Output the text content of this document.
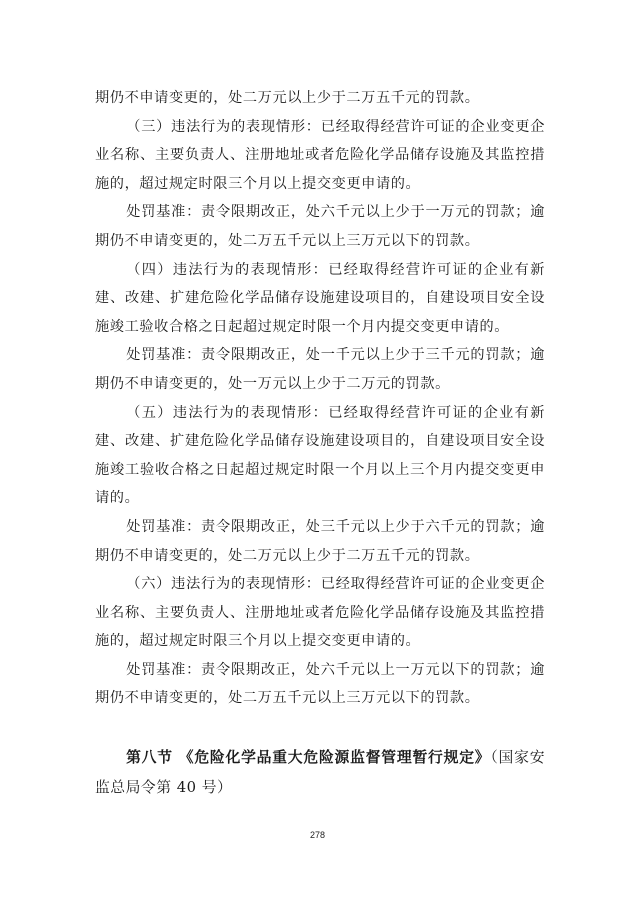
期仍不申请变更的，处二万元以上少于二万五千元的罚款。

（三）违法行为的表现情形：已经取得经营许可证的企业变更企业名称、主要负责人、注册地址或者危险化学品储存设施及其监控措施的，超过规定时限三个月以上提交变更申请的。

处罚基准：责令限期改正，处六千元以上少于一万元的罚款；逾期仍不申请变更的，处二万五千元以上三万元以下的罚款。

（四）违法行为的表现情形：已经取得经营许可证的企业有新建、改建、扩建危险化学品储存设施建设项目的，自建设项目安全设施竣工验收合格之日起超过规定时限一个月内提交变更申请的。

处罚基准：责令限期改正，处一千元以上少于三千元的罚款；逾期仍不申请变更的，处一万元以上少于二万元的罚款。

（五）违法行为的表现情形：已经取得经营许可证的企业有新建、改建、扩建危险化学品储存设施建设项目的，自建设项目安全设施竣工验收合格之日起超过规定时限一个月以上三个月内提交变更申请的。

处罚基准：责令限期改正，处三千元以上少于六千元的罚款；逾期仍不申请变更的，处二万元以上少于二万五千元的罚款。

（六）违法行为的表现情形：已经取得经营许可证的企业变更企业名称、主要负责人、注册地址或者危险化学品储存设施及其监控措施的，超过规定时限三个月以上提交变更申请的。

处罚基准：责令限期改正，处六千元以上一万元以下的罚款；逾期仍不申请变更的，处二万五千元以上三万元以下的罚款。

第八节 《危险化学品重大危险源监督管理暂行规定》（国家安监总局令第 40 号）

278
